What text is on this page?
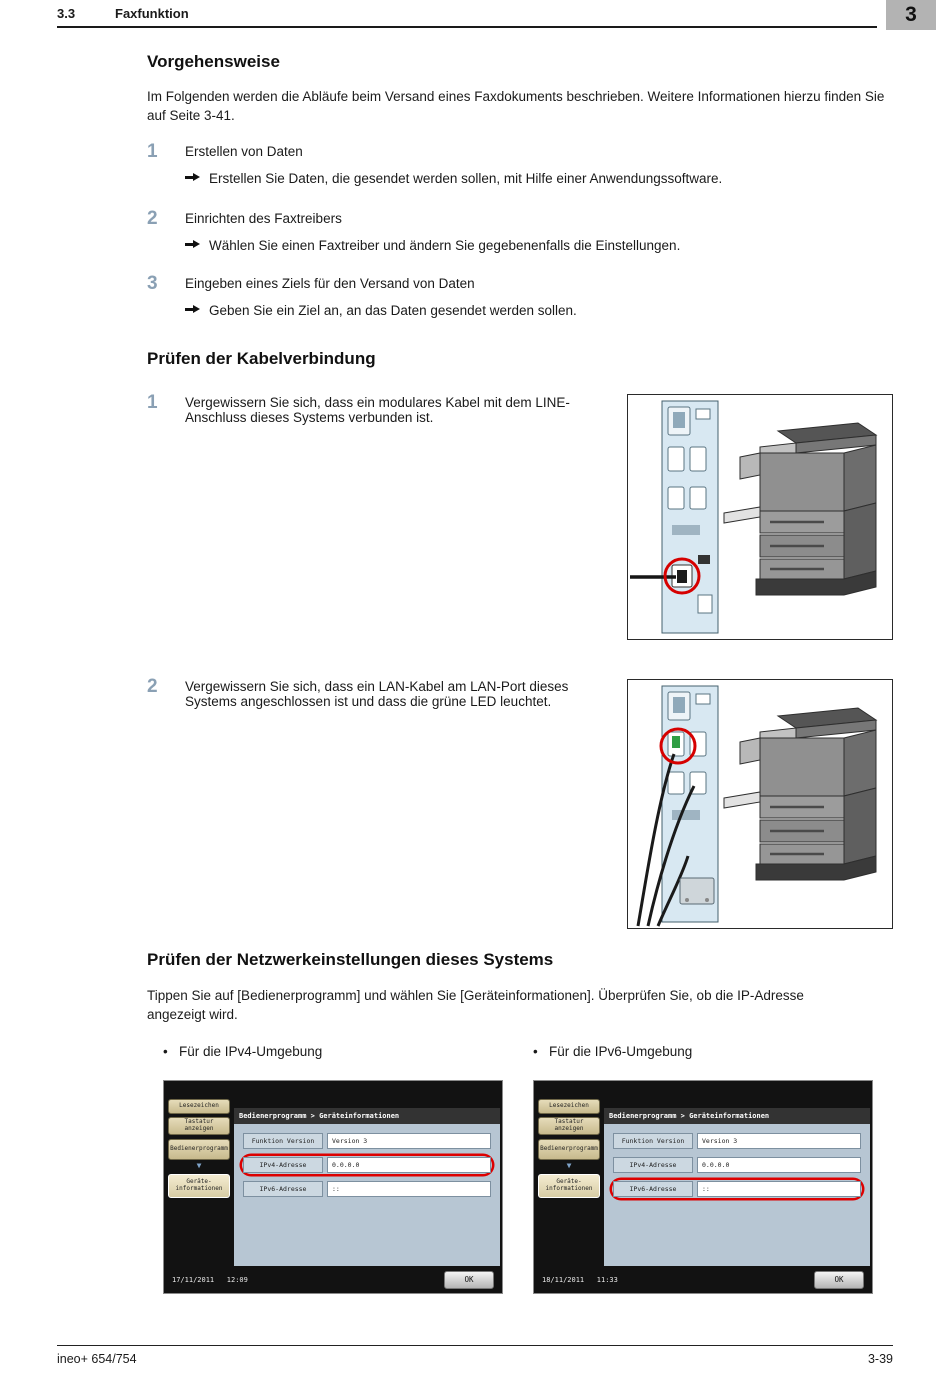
3.3	Faxfunktion	3
Vorgehensweise
Im Folgenden werden die Abläufe beim Versand eines Faxdokuments beschrieben. Weitere Informationen hierzu finden Sie auf Seite 3-41.
1	Erstellen von Daten
Erstellen Sie Daten, die gesendet werden sollen, mit Hilfe einer Anwendungssoftware.
2	Einrichten des Faxtreibers
Wählen Sie einen Faxtreiber und ändern Sie gegebenenfalls die Einstellungen.
3	Eingeben eines Ziels für den Versand von Daten
Geben Sie ein Ziel an, an das Daten gesendet werden sollen.
Prüfen der Kabelverbindung
1	Vergewissern Sie sich, dass ein modulares Kabel mit dem LINE-Anschluss dieses Systems verbunden ist.
2	Vergewissern Sie sich, dass ein LAN-Kabel am LAN-Port dieses Systems angeschlossen ist und dass die grüne LED leuchtet.
Prüfen der Netzwerkeinstellungen dieses Systems
Tippen Sie auf [Bedienerprogramm] und wählen Sie [Geräteinformationen]. Überprüfen Sie, ob die IP-Adresse angezeigt wird.
• Für die IPv4-Umgebung	• Für die IPv6-Umgebung
Lesezeichen
Tastatur anzeigen
Bedienerprogramm
▼
Geräte-informationen
Bedienerprogramm > Geräteinformationen
Funktion Version	Version 3
IPv4-Adresse	0.0.0.0
IPv6-Adresse	::
17/11/2011   12:09	OK
Lesezeichen
Tastatur anzeigen
Bedienerprogramm
▼
Geräte-informationen
Bedienerprogramm > Geräteinformationen
Funktion Version	Version 3
IPv4-Adresse	0.0.0.0
IPv6-Adresse	::
18/11/2011   11:33	OK
ineo+ 654/754	3-39
